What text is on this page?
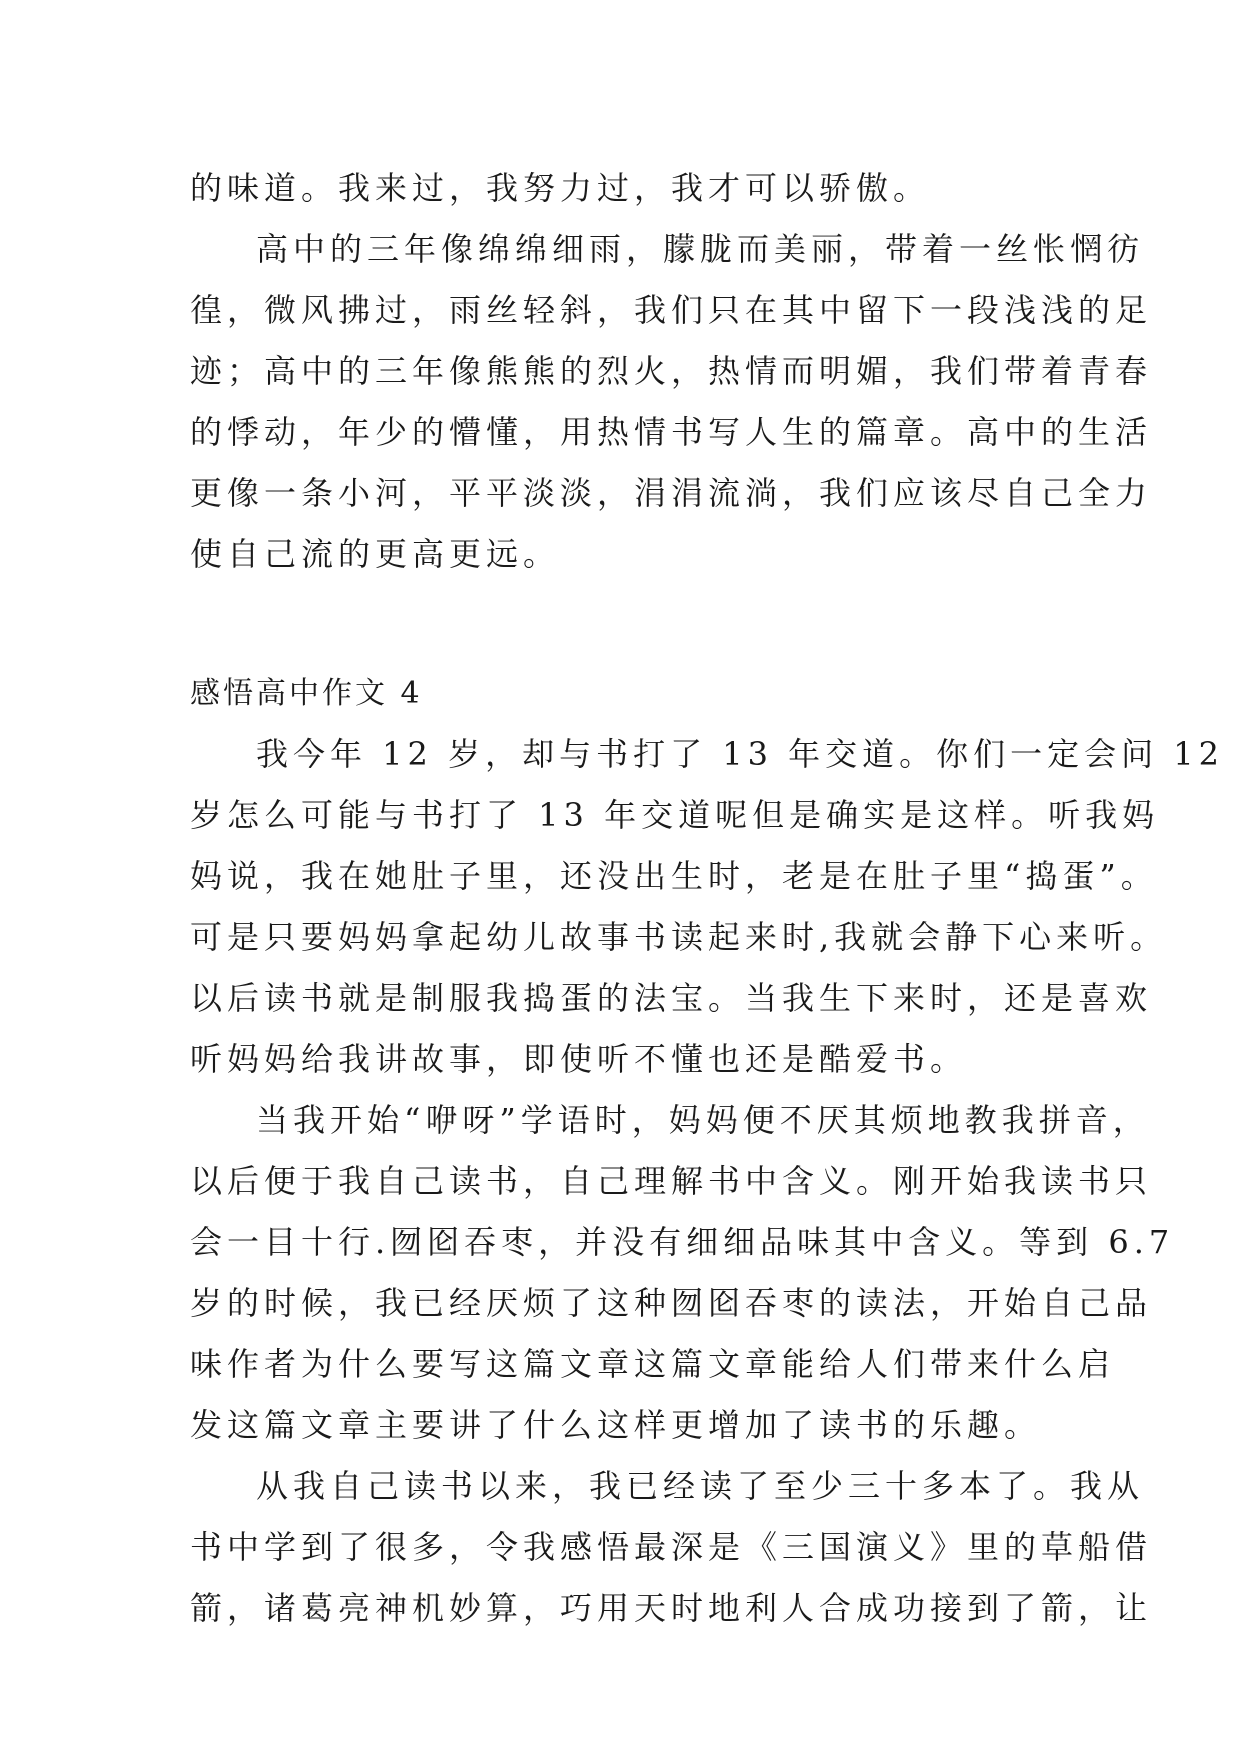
的味道。我来过，我努力过，我才可以骄傲。
高中的三年像绵绵细雨，朦胧而美丽，带着一丝怅惘彷
徨，微风拂过，雨丝轻斜，我们只在其中留下一段浅浅的足
迹；高中的三年像熊熊的烈火，热情而明媚，我们带着青春
的悸动，年少的懵懂，用热情书写人生的篇章。高中的生活
更像一条小河，平平淡淡，涓涓流淌，我们应该尽自己全力
使自己流的更高更远。
感悟高中作文 4
我今年 12 岁，却与书打了 13 年交道。你们一定会问 12
岁怎么可能与书打了 13 年交道呢但是确实是这样。听我妈
妈说，我在她肚子里，还没出生时，老是在肚子里“捣蛋”。
可是只要妈妈拿起幼儿故事书读起来时,我就会静下心来听。
以后读书就是制服我捣蛋的法宝。当我生下来时，还是喜欢
听妈妈给我讲故事，即使听不懂也还是酷爱书。
当我开始“咿呀”学语时，妈妈便不厌其烦地教我拼音，
以后便于我自己读书，自己理解书中含义。刚开始我读书只
会一目十行.囫囵吞枣，并没有细细品味其中含义。等到 6.7
岁的时候，我已经厌烦了这种囫囵吞枣的读法，开始自己品
味作者为什么要写这篇文章这篇文章能给人们带来什么启
发这篇文章主要讲了什么这样更增加了读书的乐趣。
从我自己读书以来，我已经读了至少三十多本了。我从
书中学到了很多，令我感悟最深是《三国演义》里的草船借
箭，诸葛亮神机妙算，巧用天时地利人合成功接到了箭，让
